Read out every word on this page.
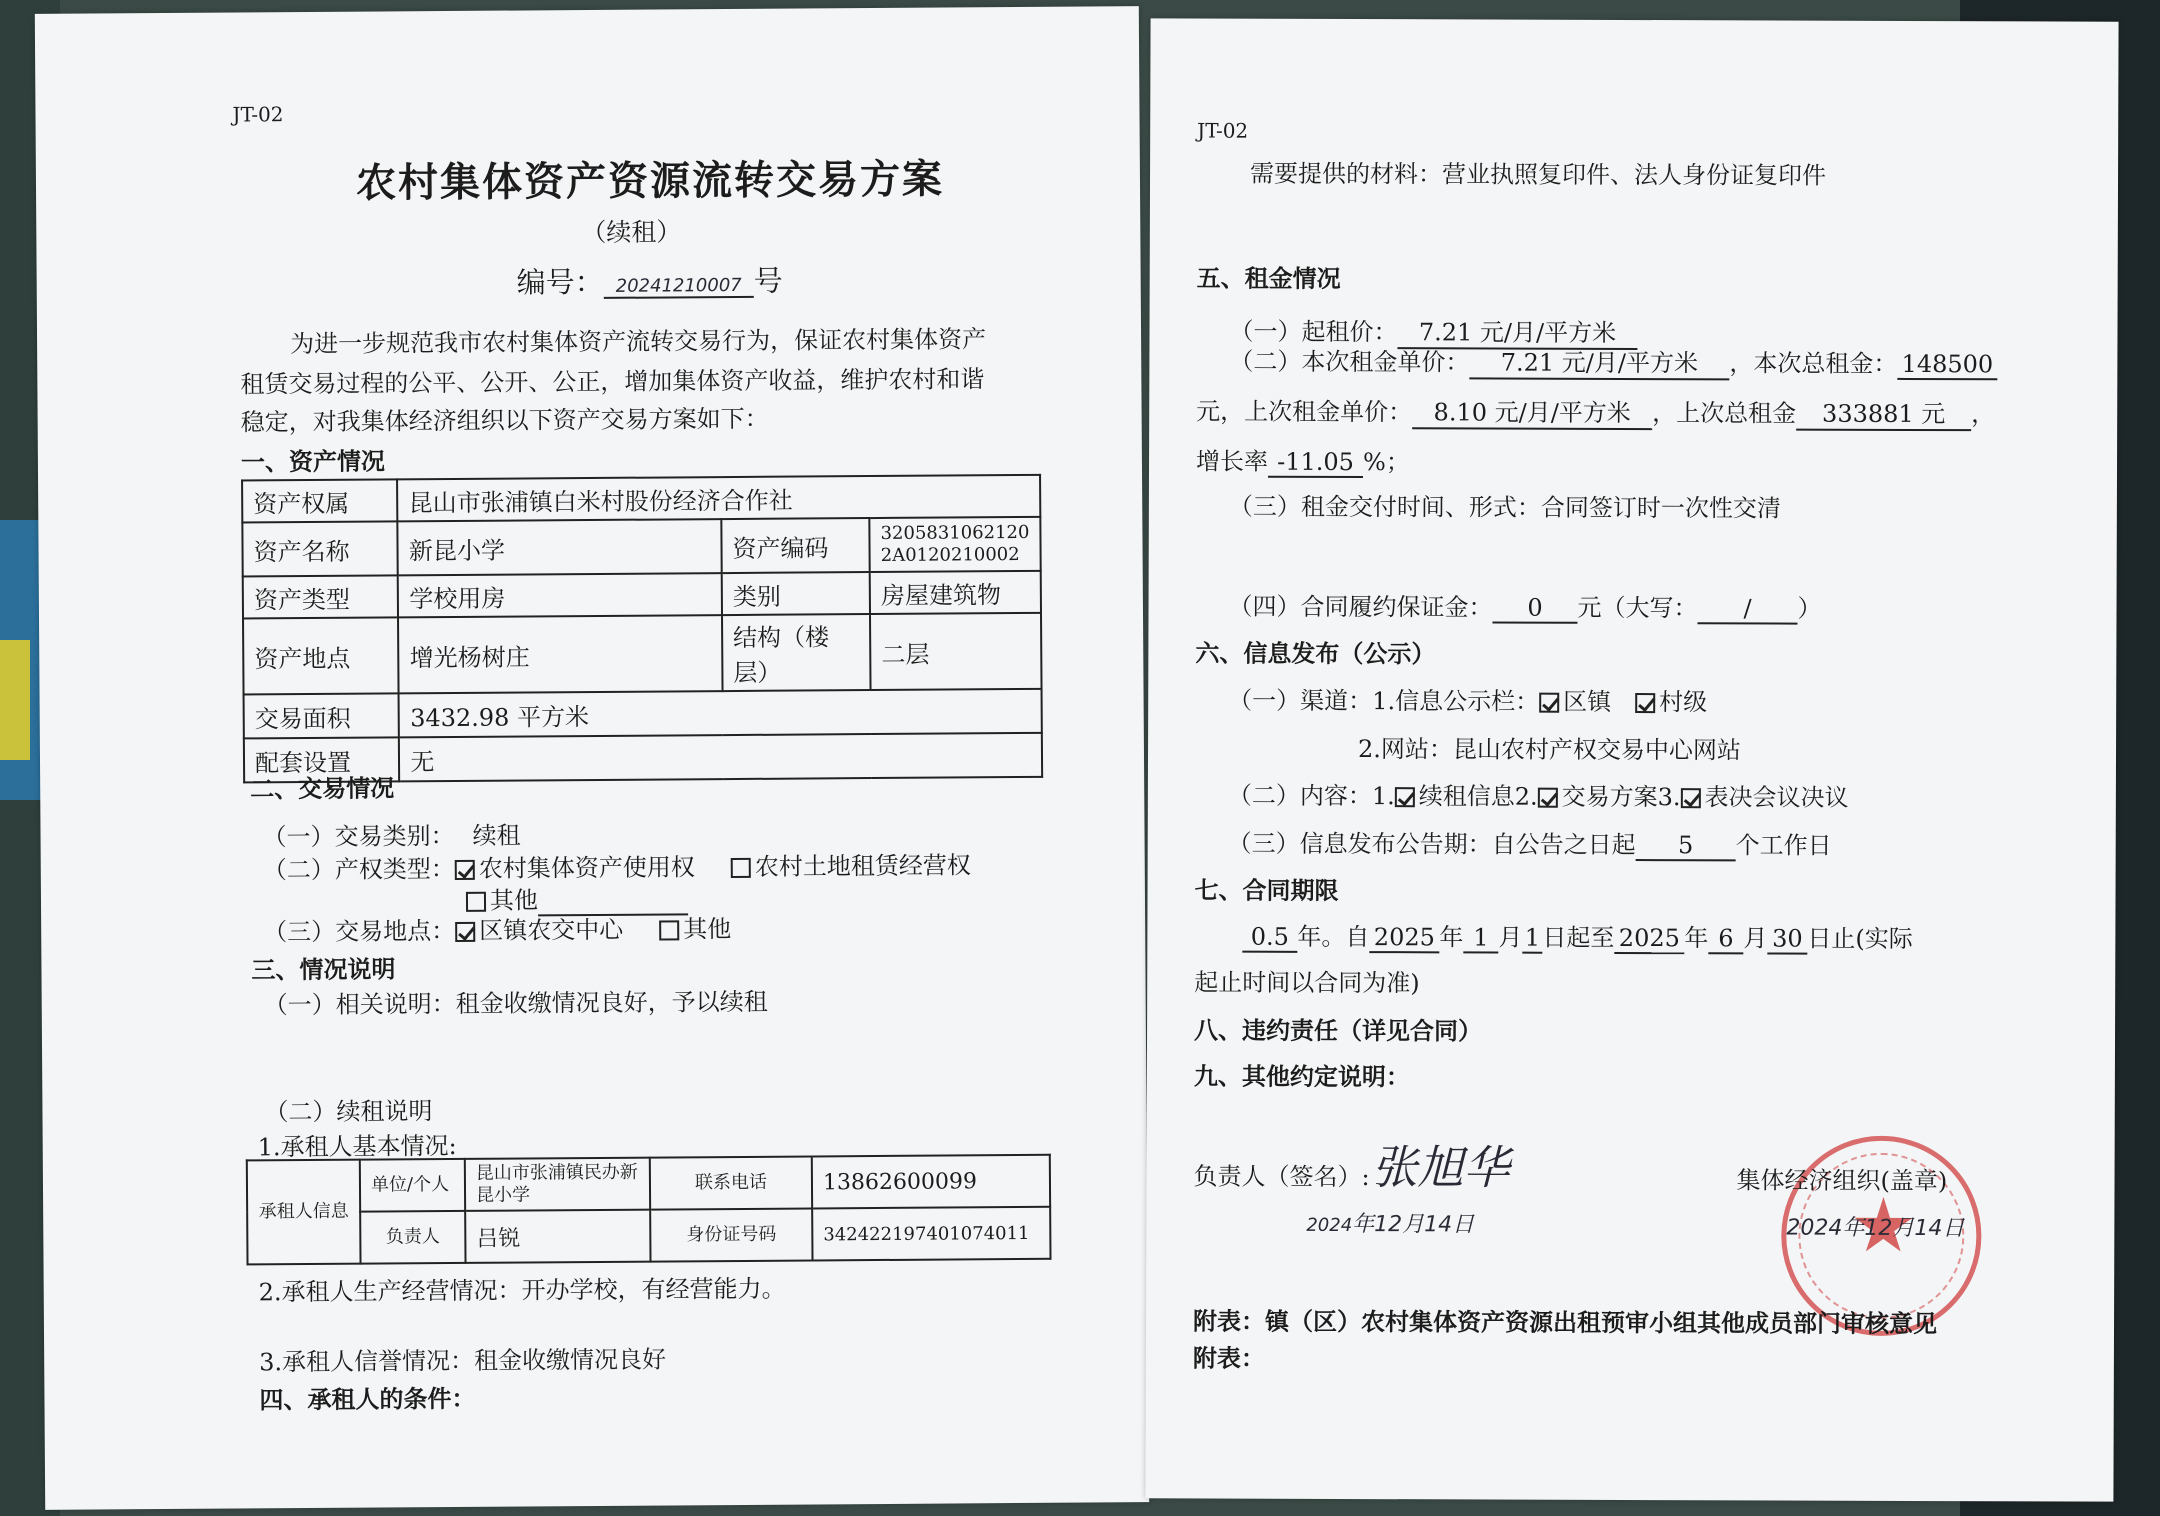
JT-02
农村集体资产资源流转交易方案
（续租）
编号： 20241210007 号
为进一步规范我市农村集体资产流转交易行为，保证农村集体资产
租赁交易过程的公平、公开、公正，增加集体资产收益，维护农村和谐
稳定，对我集体经济组织以下资产交易方案如下：
一、资产情况
资产权属	昆山市张浦镇白米村股份经济合作社		
资产名称	新昆小学	资产编码	3205831062120
2A0120210002

资产类型	学校用房	类别	房屋建筑物
资产地点	增光杨树庄	结构（楼层）	二层
交易面积	3432.98 平方米		
配套设置	无		
二、交易情况
（一）交易类别： 续租
（二）产权类型： 农村集体资产使用权 农村土地租赁经营权
其他
（三）交易地点： 区镇农交中心 其他
三、情况说明
（一）相关说明：租金收缴情况良好，予以续租
（二）续租说明
1.承租人基本情况:
承租人信息	单位/个人	昆山市张浦镇民办新昆小学	联系电话	13862600099
	负责人	吕锐	身份证号码	342422197401074011
2.承租人生产经营情况：开办学校，有经营能力。
3.承租人信誉情况：租金收缴情况良好
四、承租人的条件：
JT-02
需要提供的材料：营业执照复印件、法人身份证复印件
五、租金情况
（一）起租价： 7.21 元/月/平方米
（二）本次租金单价： 7.21 元/月/平方米 ，本次总租金： 148500
元，上次租金单价： 8.10 元/月/平方米 ，上次总租金 333881 元 ，
增长率 -11.05 %；
（三）租金交付时间、形式：合同签订时一次性交清
（四）合同履约保证金： 0 元（大写： / ）
六、信息发布（公示）
（一）渠道：1.信息公示栏： 区镇 村级
2.网站：昆山农村产权交易中心网站
（二）内容：1. 续租信息2. 交易方案3. 表决会议决议
（三）信息发布公告期：自公告之日起 5 个工作日
七、合同期限
0.5 年。自 2025 年 1 月1日起至 2025 年 6 月 30 日止(实际
起止时间以合同为准)
八、违约责任（详见合同）
九、其他约定说明：
负责人（签名）: 张旭华
2024年12月14日
集体经济组织(盖章)
2024年12月14日
附表：镇（区）农村集体资产资源出租预审小组其他成员部门审核意见
附表：
